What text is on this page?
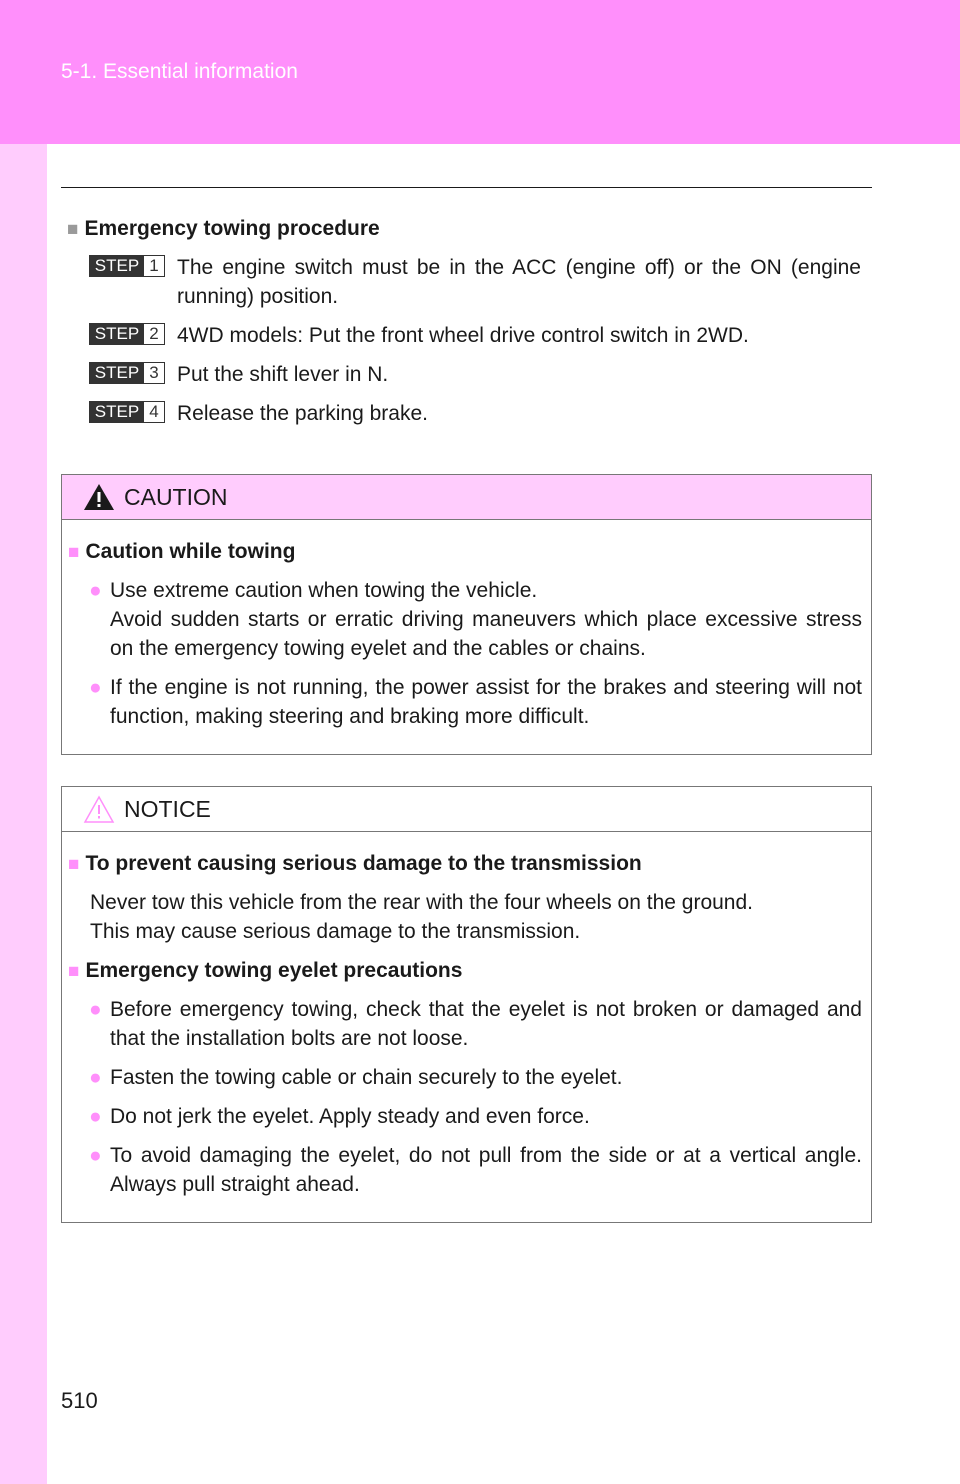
5-1. Essential information
510
■ Emergency towing procedure
STEP 1 The engine switch must be in the ACC (engine off) or the ON (engine running) position.
STEP 2 4WD models: Put the front wheel drive control switch in 2WD.
STEP 3 Put the shift lever in N.
STEP 4 Release the parking brake.
CAUTION
■ Caution while towing
● Use extreme caution when towing the vehicle.
Avoid sudden starts or erratic driving maneuvers which place excessive stress on the emergency towing eyelet and the cables or chains.
● If the engine is not running, the power assist for the brakes and steering will not function, making steering and braking more difficult.
NOTICE
■ To prevent causing serious damage to the transmission
Never tow this vehicle from the rear with the four wheels on the ground.
This may cause serious damage to the transmission.
■ Emergency towing eyelet precautions
● Before emergency towing, check that the eyelet is not broken or damaged and that the installation bolts are not loose.
● Fasten the towing cable or chain securely to the eyelet.
● Do not jerk the eyelet. Apply steady and even force.
● To avoid damaging the eyelet, do not pull from the side or at a vertical angle. Always pull straight ahead.
